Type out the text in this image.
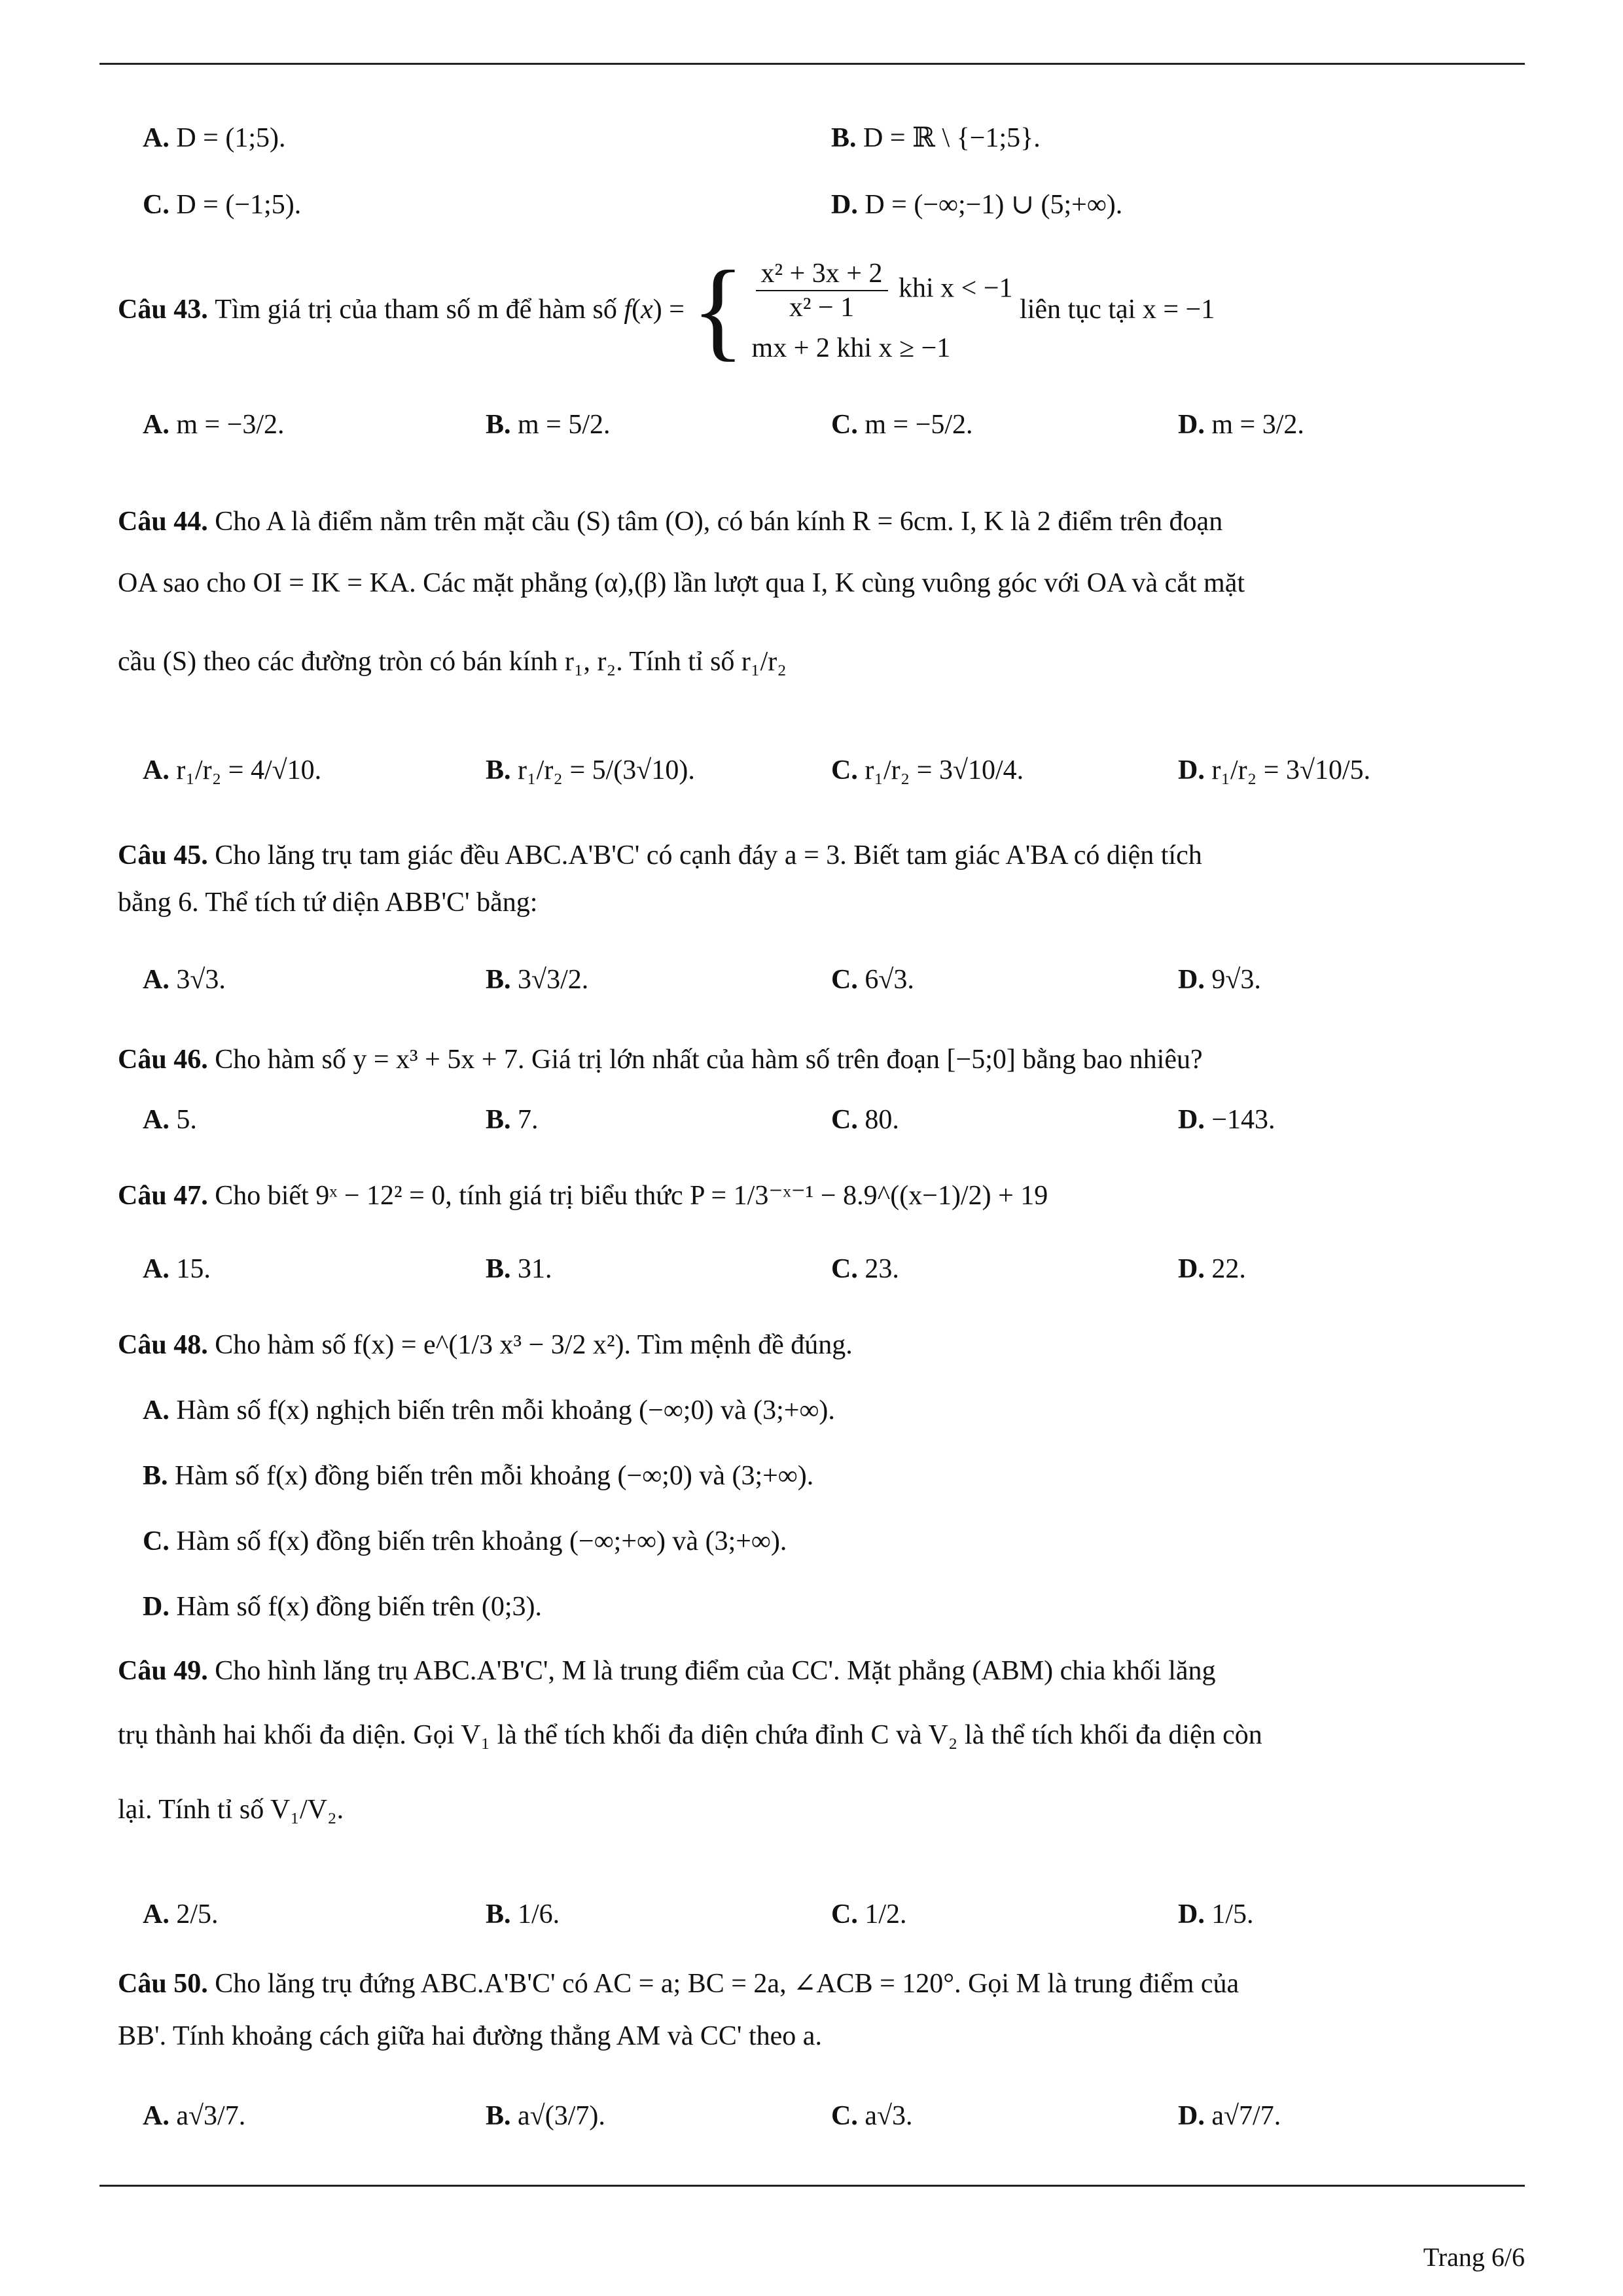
A. D = (1;5).	B. D = ℝ \ {−1;5}.
C. D = (−1;5).	D. D = (−∞;−1) ∪ (5;+∞).
Câu 43. Tìm giá trị của tham số m để hàm số f(x) = { $\frac{\text{x² + 3x + 2}}{\text{x² − 1}}$ khi x < −1
mx + 2 khi x ≥ −1
liên tục tại x = −1
A. m = −3/2.	B. m = 5/2.	C. m = −5/2.	D. m = 3/2.
Câu 44. Cho A là điểm nằm trên mặt cầu (S) tâm (O), có bán kính R = 6cm. I, K là 2 điểm trên đoạn
OA sao cho OI = IK = KA. Các mặt phẳng (α),(β) lần lượt qua I, K cùng vuông góc với OA và cắt mặt
cầu (S) theo các đường tròn có bán kính r₁, r₂. Tính tỉ số r₁/r₂
A. r₁/r₂ = 4/√10.	B. r₁/r₂ = 5/(3√10).	C. r₁/r₂ = 3√10/4.	D. r₁/r₂ = 3√10/5.
Câu 45. Cho lăng trụ tam giác đều ABC.A'B'C' có cạnh đáy a = 3. Biết tam giác A'BA có diện tích
bằng 6. Thể tích tứ diện ABB'C' bằng:
A. 3√3.	B. 3√3/2.	C. 6√3.	D. 9√3.
Câu 46. Cho hàm số y = x³ + 5x + 7. Giá trị lớn nhất của hàm số trên đoạn [−5;0] bằng bao nhiêu?
A. 5.	B. 7.	C. 80.	D. −143.
Câu 47. Cho biết 9ˣ − 12² = 0, tính giá trị biểu thức P = 1/3⁻ˣ⁻¹ − 8.9^((x−1)/2) + 19
A. 15.	B. 31.	C. 23.	D. 22.
Câu 48. Cho hàm số f(x) = e^(1/3 x³ − 3/2 x²). Tìm mệnh đề đúng.
A. Hàm số f(x) nghịch biến trên mỗi khoảng (−∞;0) và (3;+∞).
B. Hàm số f(x) đồng biến trên mỗi khoảng (−∞;0) và (3;+∞).
C. Hàm số f(x) đồng biến trên khoảng (−∞;+∞) và (3;+∞).
D. Hàm số f(x) đồng biến trên (0;3).
Câu 49. Cho hình lăng trụ ABC.A'B'C', M là trung điểm của CC'. Mặt phẳng (ABM) chia khối lăng
trụ thành hai khối đa diện. Gọi V₁ là thể tích khối đa diện chứa đỉnh C và V₂ là thể tích khối đa diện còn
lại. Tính tỉ số V₁/V₂.
A. 2/5.	B. 1/6.	C. 1/2.	D. 1/5.
Câu 50. Cho lăng trụ đứng ABC.A'B'C' có AC = a; BC = 2a, ∠ACB = 120°. Gọi M là trung điểm của
BB'. Tính khoảng cách giữa hai đường thẳng AM và CC' theo a.
A. a√3/7.	B. a√(3/7).	C. a√3.	D. a√7/7.
Trang 6/6
